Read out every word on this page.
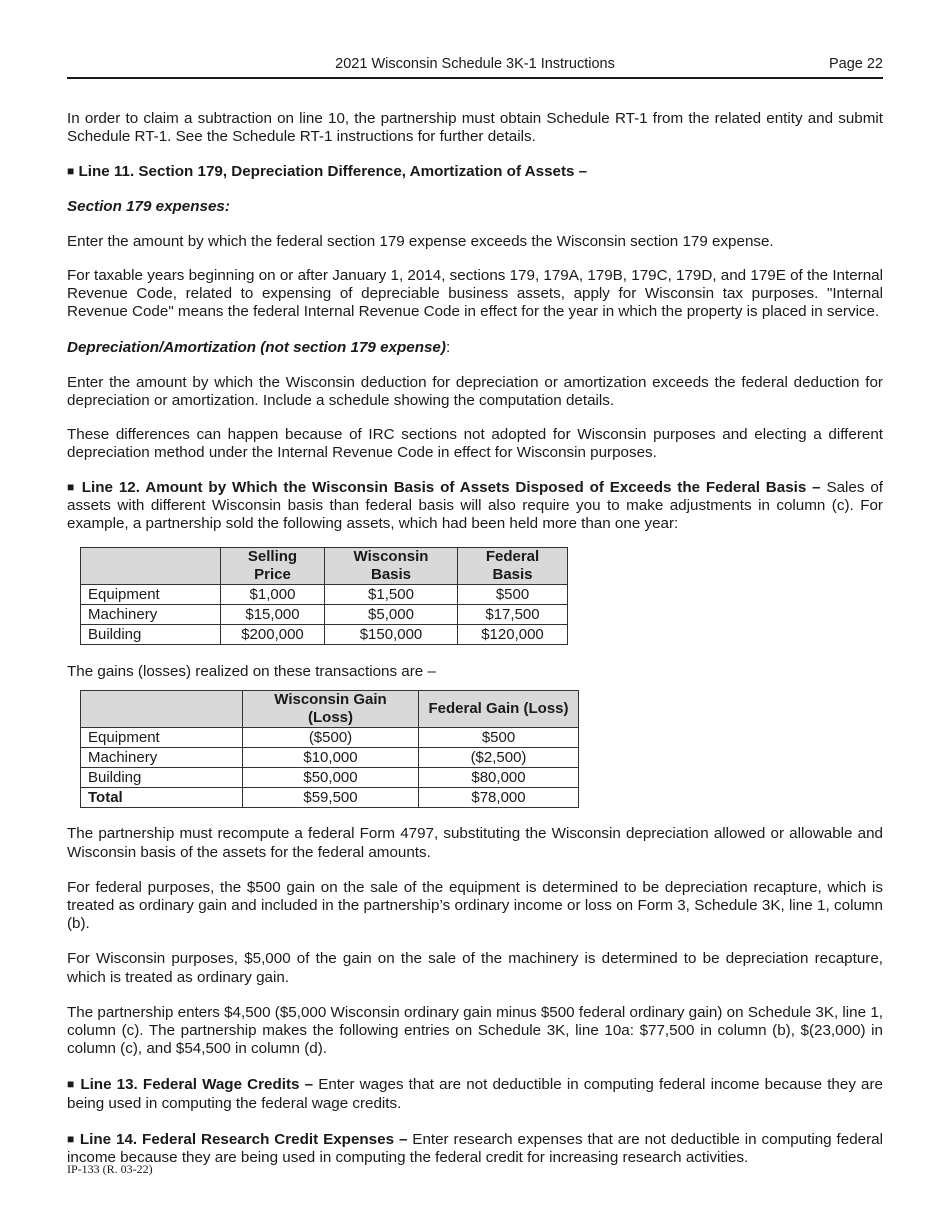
2021 Wisconsin Schedule 3K-1 Instructions	Page 22

In order to claim a subtraction on line 10, the partnership must obtain Schedule RT-1 from the related entity and submit Schedule RT-1. See the Schedule RT-1 instructions for further details.

■ Line 11. Section 179, Depreciation Difference, Amortization of Assets –

Section 179 expenses:

Enter the amount by which the federal section 179 expense exceeds the Wisconsin section 179 expense.

For taxable years beginning on or after January 1, 2014, sections 179, 179A, 179B, 179C, 179D, and 179E of the Internal Revenue Code, related to expensing of depreciable business assets, apply for Wisconsin tax purposes. "Internal Revenue Code" means the federal Internal Revenue Code in effect for the year in which the property is placed in service.

Depreciation/Amortization (not section 179 expense):

Enter the amount by which the Wisconsin deduction for depreciation or amortization exceeds the federal deduction for depreciation or amortization. Include a schedule showing the computation details.

These differences can happen because of IRC sections not adopted for Wisconsin purposes and electing a different depreciation method under the Internal Revenue Code in effect for Wisconsin purposes.

■ Line 12. Amount by Which the Wisconsin Basis of Assets Disposed of Exceeds the Federal Basis – Sales of assets with different Wisconsin basis than federal basis will also require you to make adjustments in column (c). For example, a partnership sold the following assets, which had been held more than one year:

	Selling Price	Wisconsin Basis	Federal Basis
Equipment	$1,000	$1,500	$500
Machinery	$15,000	$5,000	$17,500
Building	$200,000	$150,000	$120,000

The gains (losses) realized on these transactions are –

	Wisconsin Gain (Loss)	Federal Gain (Loss)
Equipment	($500)	$500
Machinery	$10,000	($2,500)
Building	$50,000	$80,000
Total	$59,500	$78,000

The partnership must recompute a federal Form 4797, substituting the Wisconsin depreciation allowed or allowable and Wisconsin basis of the assets for the federal amounts.

For federal purposes, the $500 gain on the sale of the equipment is determined to be depreciation recapture, which is treated as ordinary gain and included in the partnership’s ordinary income or loss on Form 3, Schedule 3K, line 1, column (b).

For Wisconsin purposes, $5,000 of the gain on the sale of the machinery is determined to be depreciation recapture, which is treated as ordinary gain.

The partnership enters $4,500 ($5,000 Wisconsin ordinary gain minus $500 federal ordinary gain) on Schedule 3K, line 1, column (c). The partnership makes the following entries on Schedule 3K, line 10a: $77,500 in column (b), $(23,000) in column (c), and $54,500 in column (d).

■ Line 13. Federal Wage Credits – Enter wages that are not deductible in computing federal income because they are being used in computing the federal wage credits.

■ Line 14. Federal Research Credit Expenses – Enter research expenses that are not deductible in computing federal income because they are being used in computing the federal credit for increasing research activities.

IP-133 (R. 03-22)
